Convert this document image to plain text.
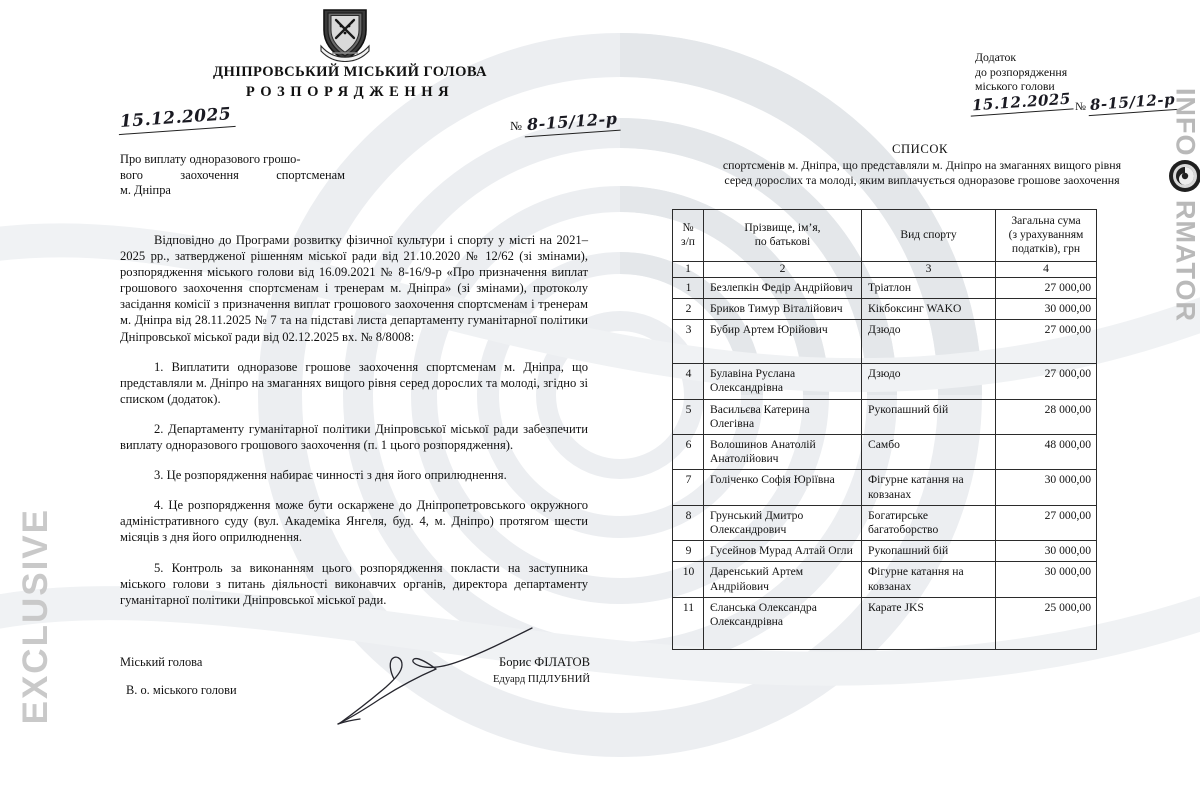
ДНІПРОВСЬКИЙ МІСЬКИЙ ГОЛОВА
РОЗПОРЯДЖЕННЯ
15.12.2025	№ 8-15/12-р
Про виплату одноразового грошо-
вого заохочення спортсменам
м. Дніпра

Відповідно до Програми розвитку фізичної культури і спорту у місті на 2021–2025 рр., затвердженої рішенням міської ради від 21.10.2020 № 12/62 (зі змінами), розпорядження міського голови від 16.09.2021 № 8-16/9-р «Про призначення виплат грошового заохочення спортсменам і тренерам м. Дніпра» (зі змінами), протоколу засідання комісії з призначення виплат грошового заохочення спортсменам і тренерам м. Дніпра від 28.11.2025 № 7 та на підставі листа департаменту гуманітарної політики Дніпровської міської ради від 02.12.2025 вх. № 8/8008:

1. Виплатити одноразове грошове заохочення спортсменам м. Дніпра, що представляли м. Дніпро на змаганнях вищого рівня серед дорослих та молоді, згідно зі списком (додаток).

2. Департаменту гуманітарної політики Дніпровської міської ради забезпечити виплату одноразового грошового заохочення (п. 1 цього розпорядження).

3. Це розпорядження набирає чинності з дня його оприлюднення.

4. Це розпорядження може бути оскаржене до Дніпропетровського окружного адміністративного суду (вул. Академіка Янгеля, буд. 4, м. Дніпро) протягом шести місяців з дня його оприлюднення.

5. Контроль за виконанням цього розпорядження покласти на заступника міського голови з питань діяльності виконавчих органів, директора департаменту гуманітарної політики Дніпровської міської ради.

Міський голова
В. о. міського голови
Борис ФІЛАТОВ
Едуард ПІДЛУБНИЙ
Додаток
до розпорядження
міського голови
15.12.2025 № 8-15/12-р
СПИСОК
спортсменів м. Дніпра, що представляли м. Дніпро на змаганнях вищого рівня
серед дорослих та молоді, яким виплачується одноразове грошове заохочення
№
з/п	Прізвище, ім’я,
по батькові	Вид спорту	Загальна сума
(з урахуванням
податків), грн
1	2	3	4
1	Безлепкін Федір Андрійович	Тріатлон	27 000,00
2	Бриков Тимур Віталійович	Кікбоксинг WAKO	30 000,00
3	Бубир Артем Юрійович	Дзюдо	27 000,00
4	Булавіна Руслана Олександрівна	Дзюдо	27 000,00
5	Васильєва Катерина Олегівна	Рукопашний бій	28 000,00
6	Волошинов Анатолій Анатолійович	Самбо	48 000,00
7	Голіченко Софія Юріївна	Фігурне катання на ковзанах	30 000,00
8	Грунський Дмитро Олександрович	Богатирське багатоборство	27 000,00
9	Гусейнов Мурад Алтай Огли	Рукопашний бій	30 000,00
10	Даренський Артем Андрійович	Фігурне катання на ковзанах	30 000,00
11	Єланська Олександра Олександрівна	Карате JKS	25 000,00
EXCLUSIVE
INFO
RMATOR
